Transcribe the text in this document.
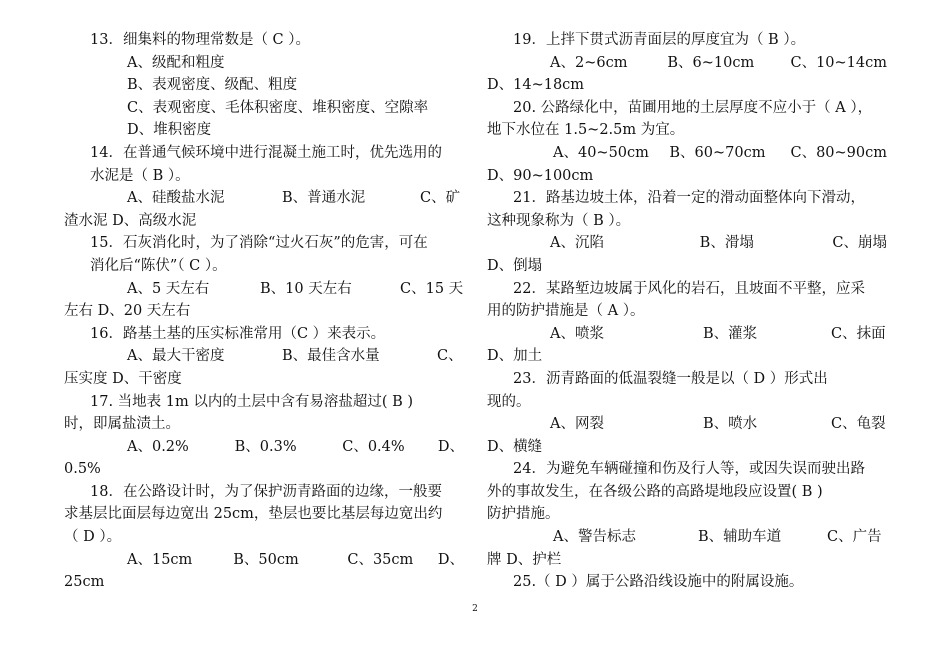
13．细集料的物理常数是（ C ）。
A、级配和粗度
B、表观密度、级配、粗度
C、表观密度、毛体积密度、堆积密度、空隙率
D、堆积密度
14．在普通气候环境中进行混凝土施工时，优先选用的
水泥是（ B ）。
A、硅酸盐水泥	B、普通水泥	C、矿
渣水泥 D、高级水泥
15．石灰消化时，为了消除“过火石灰”的危害，可在
消化后“陈伏”（ C ）。
A、5 天左右	B、10 天左右	C、15 天
左右 D、20 天左右
16．路基土基的压实标准常用（C ）来表示。
A、最大干密度	B、最佳含水量	C、
压实度 D、干密度
17. 当地表 1m 以内的土层中含有易溶盐超过( B )
时，即属盐渍土。
A、0.2%	B、0.3%	C、0.4%	D、
0.5%
18．在公路设计时，为了保护沥青路面的边缘，一般要
求基层比面层每边宽出 25cm，垫层也要比基层每边宽出约
（ D ）。
A、15cm	B、50cm	C、35cm	D、
25cm
19．上拌下贯式沥青面层的厚度宜为（ B ）。
A、2~6cm	B、6~10cm	C、10~14cm
D、14~18cm
20. 公路绿化中，苗圃用地的土层厚度不应小于（ A ），
地下水位在 1.5~2.5m 为宜。
A、40~50cm	B、60~70cm	C、80~90cm
D、90~100cm
21．路基边坡土体，沿着一定的滑动面整体向下滑动，
这种现象称为（ B ）。
A、沉陷	B、滑塌	C、崩塌
D、倒塌
22．某路堑边坡属于风化的岩石，且坡面不平整，应采
用的防护措施是（ A ）。
A、喷浆	B、灌浆	C、抹面
D、加土
23．沥青路面的低温裂缝一般是以（ D ）形式出
现的。
A、网裂	B、喷水	C、龟裂
D、横缝
24．为避免车辆碰撞和伤及行人等，或因失误而驶出路
外的事故发生，在各级公路的高路堤地段应设置( B )
防护措施。
A、警告标志	B、辅助车道	C、广告
牌 D、护栏
25.（ D ）属于公路沿线设施中的附属设施。
2
